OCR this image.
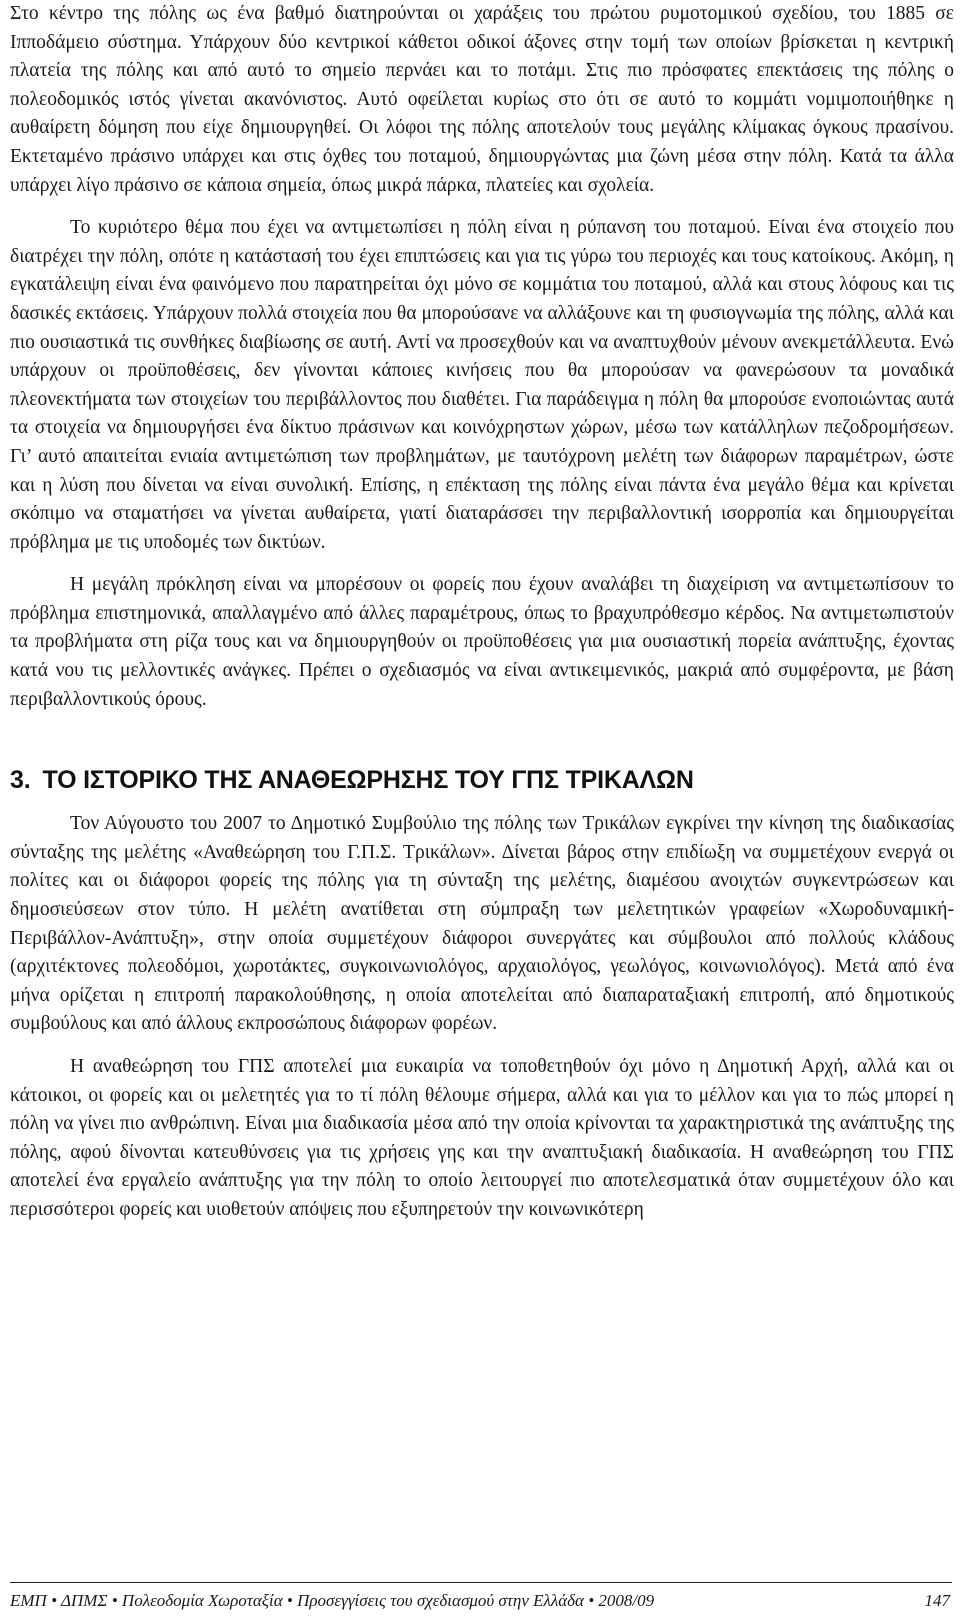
Στο κέντρο της πόλης ως ένα βαθμό διατηρούνται οι χαράξεις του πρώτου ρυμοτομικού σχεδίου, του 1885 σε Ιπποδάμειο σύστημα. Υπάρχουν δύο κεντρικοί κάθετοι οδικοί άξονες στην τομή των οποίων βρίσκεται η κεντρική πλατεία της πόλης και από αυτό το σημείο περνάει και το ποτάμι. Στις πιο πρόσφατες επεκτάσεις της πόλης ο πολεοδομικός ιστός γίνεται ακανόνιστος. Αυτό οφείλεται κυρίως στο ότι σε αυτό το κομμάτι νομιμοποιήθηκε η αυθαίρετη δόμηση που είχε δημιουργηθεί. Οι λόφοι της πόλης αποτελούν τους μεγάλης κλίμακας όγκους πρασίνου. Εκτεταμένο πράσινο υπάρχει και στις όχθες του ποταμού, δημιουργώντας μια ζώνη μέσα στην πόλη. Κατά τα άλλα υπάρχει λίγο πράσινο σε κάποια σημεία, όπως μικρά πάρκα, πλατείες και σχολεία.

Το κυριότερο θέμα που έχει να αντιμετωπίσει η πόλη είναι η ρύπανση του ποταμού. Είναι ένα στοιχείο που διατρέχει την πόλη, οπότε η κατάστασή του έχει επιπτώσεις και για τις γύρω του περιοχές και τους κατοίκους. Ακόμη, η εγκατάλειψη είναι ένα φαινόμενο που παρατηρείται όχι μόνο σε κομμάτια του ποταμού, αλλά και στους λόφους και τις δασικές εκτάσεις. Υπάρχουν πολλά στοιχεία που θα μπορούσανε να αλλάξουνε και τη φυσιογνωμία της πόλης, αλλά και πιο ουσιαστικά τις συνθήκες διαβίωσης σε αυτή. Αντί να προσεχθούν και να αναπτυχθούν μένουν ανεκμετάλλευτα. Ενώ υπάρχουν οι προϋποθέσεις, δεν γίνονται κάποιες κινήσεις που θα μπορούσαν να φανερώσουν τα μοναδικά πλεονεκτήματα των στοιχείων του περιβάλλοντος που διαθέτει. Για παράδειγμα η πόλη θα μπορούσε ενοποιώντας αυτά τα στοιχεία να δημιουργήσει ένα δίκτυο πράσινων και κοινόχρηστων χώρων, μέσω των κατάλληλων πεζοδρομήσεων. Γι’ αυτό απαιτείται ενιαία αντιμετώπιση των προβλημάτων, με ταυτόχρονη μελέτη των διάφορων παραμέτρων, ώστε και η λύση που δίνεται να είναι συνολική. Επίσης, η επέκταση της πόλης είναι πάντα ένα μεγάλο θέμα και κρίνεται σκόπιμο να σταματήσει να γίνεται αυθαίρετα, γιατί διαταράσσει την περιβαλλοντική ισορροπία και δημιουργείται πρόβλημα με τις υποδομές των δικτύων.

Η μεγάλη πρόκληση είναι να μπορέσουν οι φορείς που έχουν αναλάβει τη διαχείριση να αντιμετωπίσουν το πρόβλημα επιστημονικά, απαλλαγμένο από άλλες παραμέτρους, όπως το βραχυπρόθεσμο κέρδος. Να αντιμετωπιστούν τα προβλήματα στη ρίζα τους και να δημιουργηθούν οι προϋποθέσεις για μια ουσιαστική πορεία ανάπτυξης, έχοντας κατά νου τις μελλοντικές ανάγκες. Πρέπει ο σχεδιασμός να είναι αντικειμενικός, μακριά από συμφέροντα, με βάση περιβαλλοντικούς όρους.

3. ΤΟ ΙΣΤΟΡΙΚΟ ΤΗΣ ΑΝΑΘΕΩΡΗΣΗΣ ΤΟΥ ΓΠΣ ΤΡΙΚΑΛΩΝ

Τον Αύγουστο του 2007 το Δημοτικό Συμβούλιο της πόλης των Τρικάλων εγκρίνει την κίνηση της διαδικασίας σύνταξης της μελέτης «Αναθεώρηση του Γ.Π.Σ. Τρικάλων». Δίνεται βάρος στην επιδίωξη να συμμετέχουν ενεργά οι πολίτες και οι διάφοροι φορείς της πόλης για τη σύνταξη της μελέτης, διαμέσου ανοιχτών συγκεντρώσεων και δημοσιεύσεων στον τύπο. Η μελέτη ανατίθεται στη σύμπραξη των μελετητικών γραφείων «Χωροδυναμική- Περιβάλλον-Ανάπτυξη», στην οποία συμμετέχουν διάφοροι συνεργάτες και σύμβουλοι από πολλούς κλάδους (αρχιτέκτονες πολεοδόμοι, χωροτάκτες, συγκοινωνιολόγος, αρχαιολόγος, γεωλόγος, κοινωνιολόγος). Μετά από ένα μήνα ορίζεται η επιτροπή παρακολούθησης, η οποία αποτελείται από διαπαραταξιακή επιτροπή, από δημοτικούς συμβούλους και από άλλους εκπροσώπους διάφορων φορέων.

Η αναθεώρηση του ΓΠΣ αποτελεί μια ευκαιρία να τοποθετηθούν όχι μόνο η Δημοτική Αρχή, αλλά και οι κάτοικοι, οι φορείς και οι μελετητές για το τί πόλη θέλουμε σήμερα, αλλά και για το μέλλον και για το πώς μπορεί η πόλη να γίνει πιο ανθρώπινη. Είναι μια διαδικασία μέσα από την οποία κρίνονται τα χαρακτηριστικά της ανάπτυξης της πόλης, αφού δίνονται κατευθύνσεις για τις χρήσεις γης και την αναπτυξιακή διαδικασία. Η αναθεώρηση του ΓΠΣ αποτελεί ένα εργαλείο ανάπτυξης για την πόλη το οποίο λειτουργεί πιο αποτελεσματικά όταν συμμετέχουν όλο και περισσότεροι φορείς και υιοθετούν απόψεις που εξυπηρετούν την κοινωνικότερη

ΕΜΠ • ΔΠΜΣ • Πολεοδομία Χωροταξία • Προσεγγίσεις του σχεδιασμού στην Ελλάδα • 2008/09	147
